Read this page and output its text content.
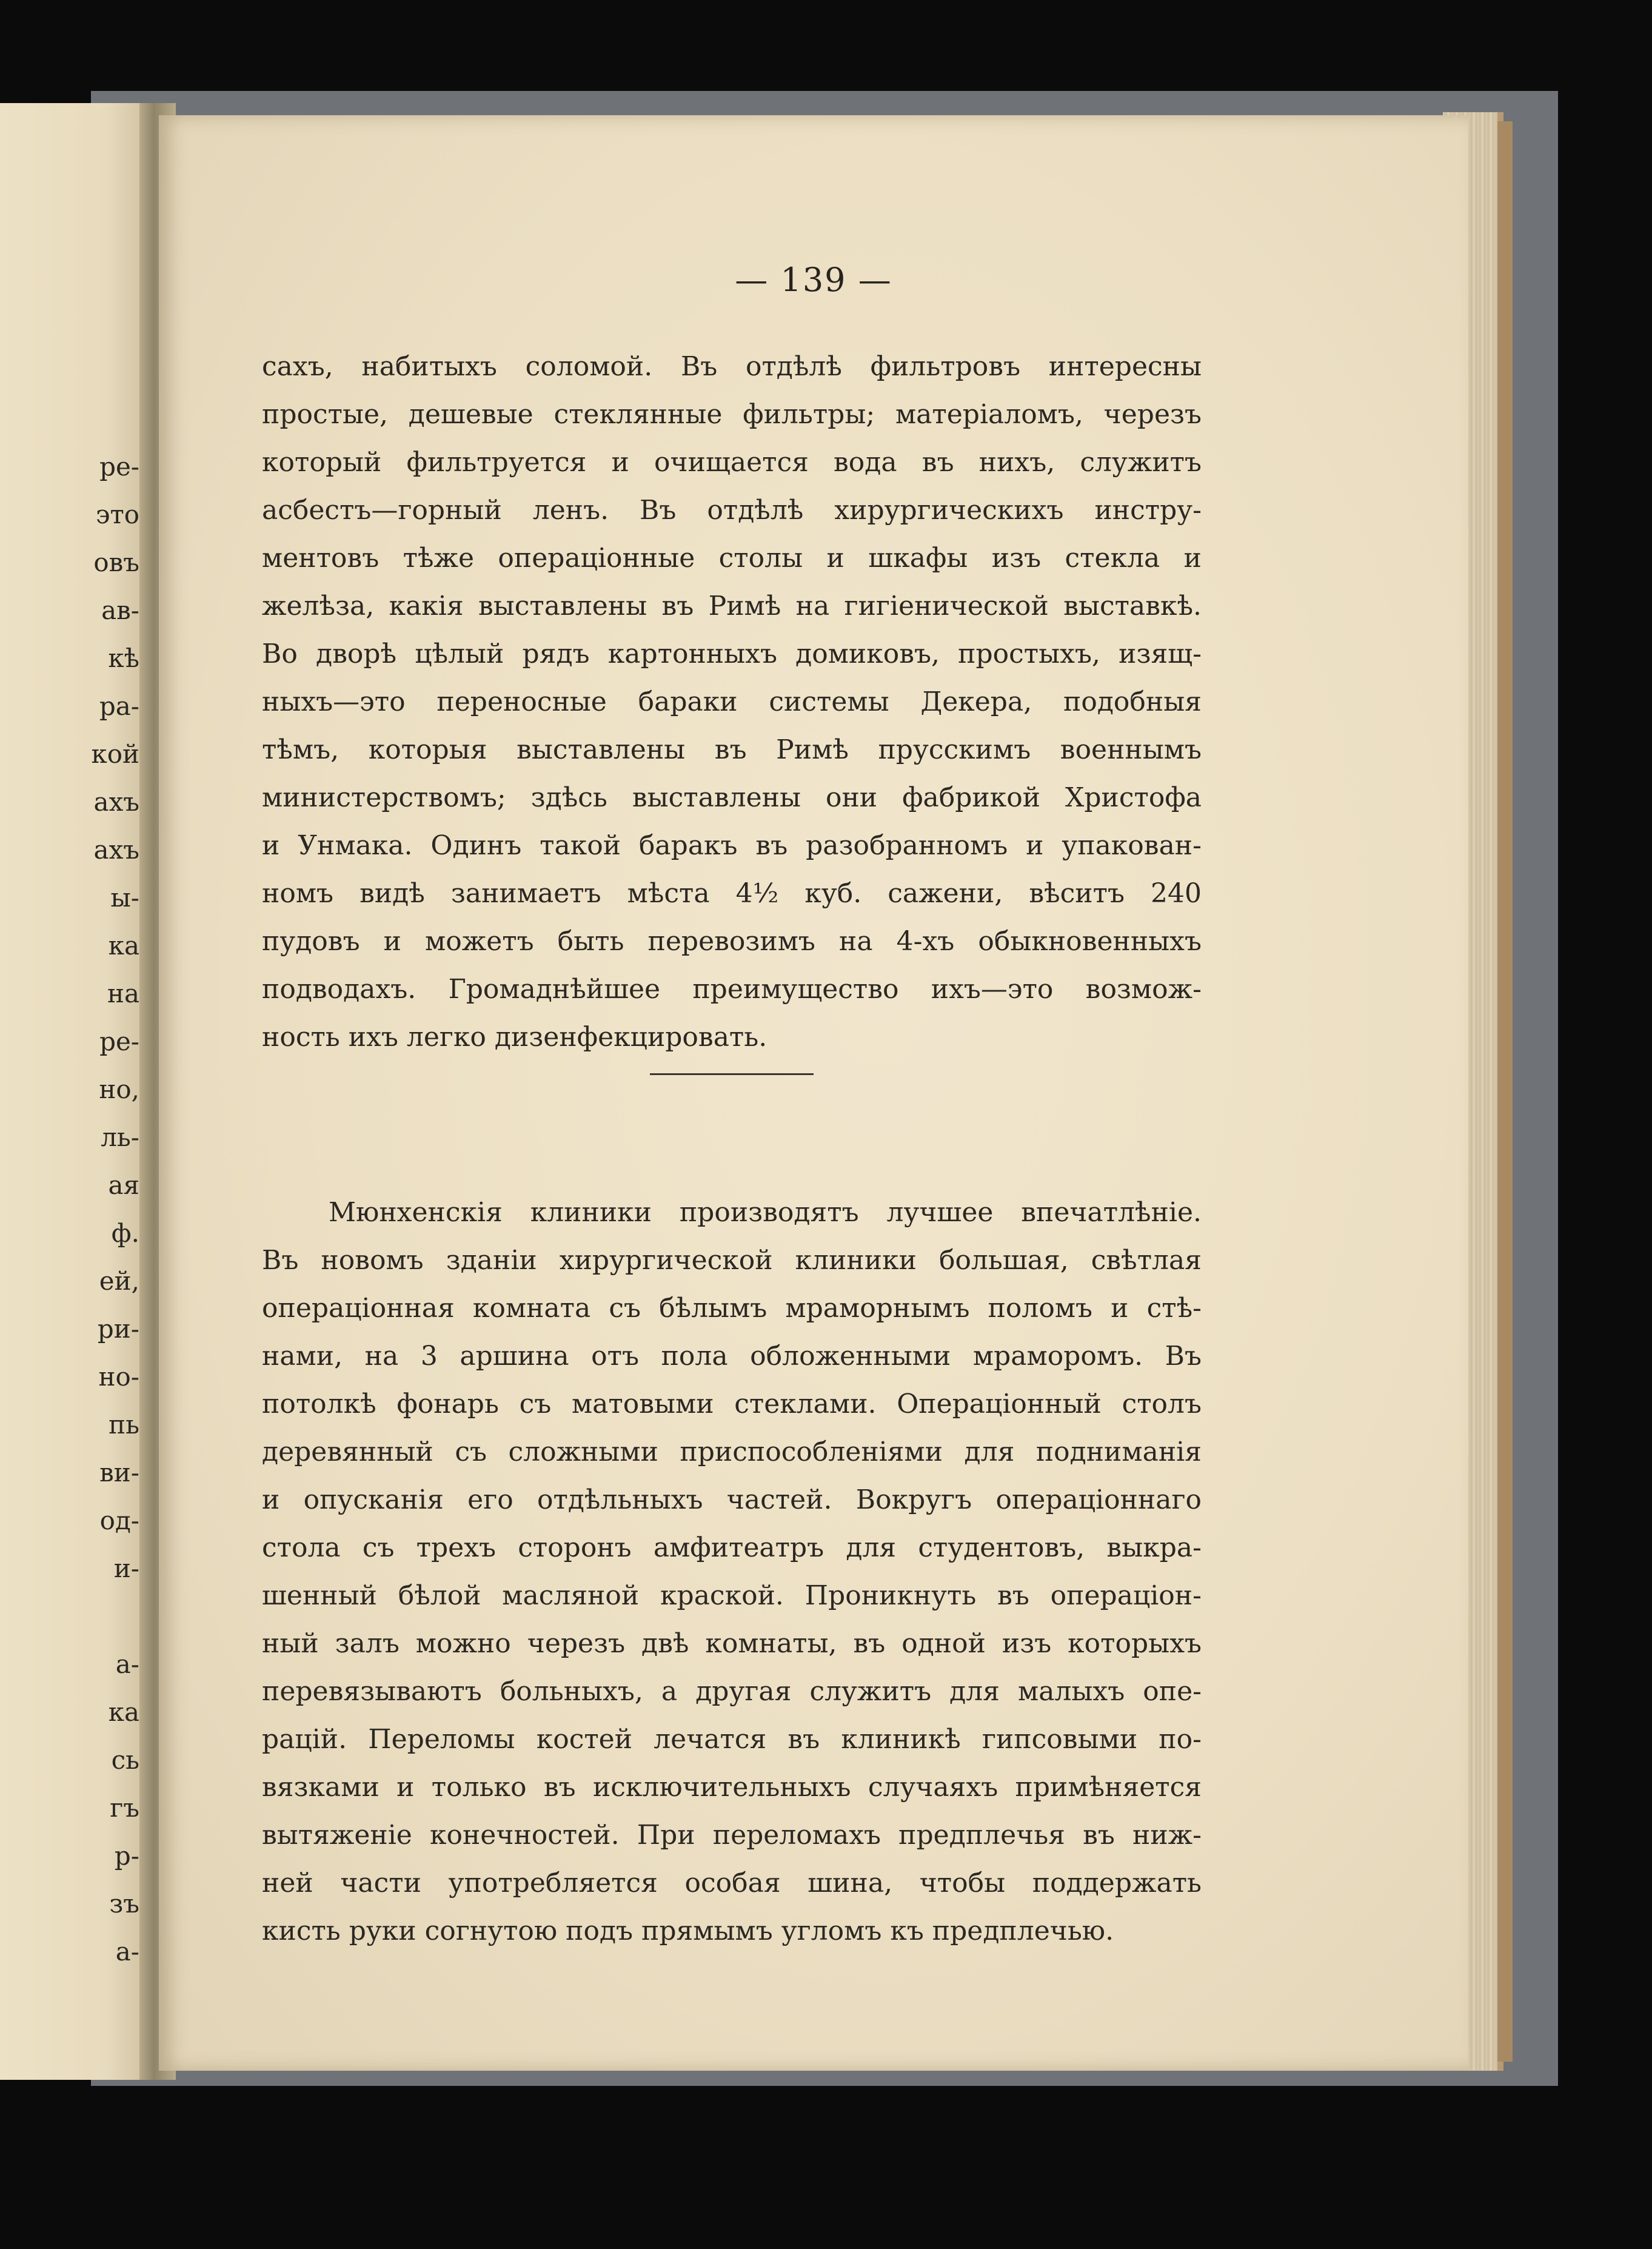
ре-
это
овъ
ав-
кѣ
ра-
кой
ахъ
ахъ
ы-
ка
на
ре-
но,
ль-
ая
ф.
ей,
ри-
но-
пь
ви-
од-
и-

а-
ка
сь
гъ
р-
зъ
а-
— 139 —
сахъ, набитыхъ соломой. Въ отдѣлѣ фильтровъ интересны
простые, дешевые стеклянные фильтры; матеріаломъ, черезъ
который фильтруется и очищается вода въ нихъ, служитъ
асбестъ—горный ленъ. Въ отдѣлѣ хирургическихъ инстру-
ментовъ тѣже операціонные столы и шкафы изъ стекла и
желѣза, какія выставлены въ Римѣ на гигіенической выставкѣ.
Во дворѣ цѣлый рядъ картонныхъ домиковъ, простыхъ, изящ-
ныхъ—это переносные бараки системы Декера, подобныя
тѣмъ, которыя выставлены въ Римѣ прусскимъ военнымъ
министерствомъ; здѣсь выставлены они фабрикой Христофа
и Унмака. Одинъ такой баракъ въ разобранномъ и упакован-
номъ видѣ занимаетъ мѣста 4½ куб. сажени, вѣситъ 240
пудовъ и можетъ быть перевозимъ на 4-хъ обыкновенныхъ
подводахъ. Громаднѣйшее преимущество ихъ—это возмож-
ность ихъ легко дизенфекцировать.
Мюнхенскія клиники производятъ лучшее впечатлѣніе.
Въ новомъ зданіи хирургической клиники большая, свѣтлая
операціонная комната съ бѣлымъ мраморнымъ поломъ и стѣ-
нами, на 3 аршина отъ пола обложенными мраморомъ. Въ
потолкѣ фонарь съ матовыми стеклами. Операціонный столъ
деревянный съ сложными приспособленіями для подниманія
и опусканія его отдѣльныхъ частей. Вокругъ операціоннаго
стола съ трехъ сторонъ амфитеатръ для студентовъ, выкра-
шенный бѣлой масляной краской. Проникнуть въ операціон-
ный залъ можно черезъ двѣ комнаты, въ одной изъ которыхъ
перевязываютъ больныхъ, а другая служитъ для малыхъ опе-
рацій. Переломы костей лечатся въ клиникѣ гипсовыми по-
вязками и только въ исключительныхъ случаяхъ примѣняется
вытяженіе конечностей. При переломахъ предплечья въ ниж-
ней части употребляется особая шина, чтобы поддержать
кисть руки согнутою подъ прямымъ угломъ къ предплечью.
